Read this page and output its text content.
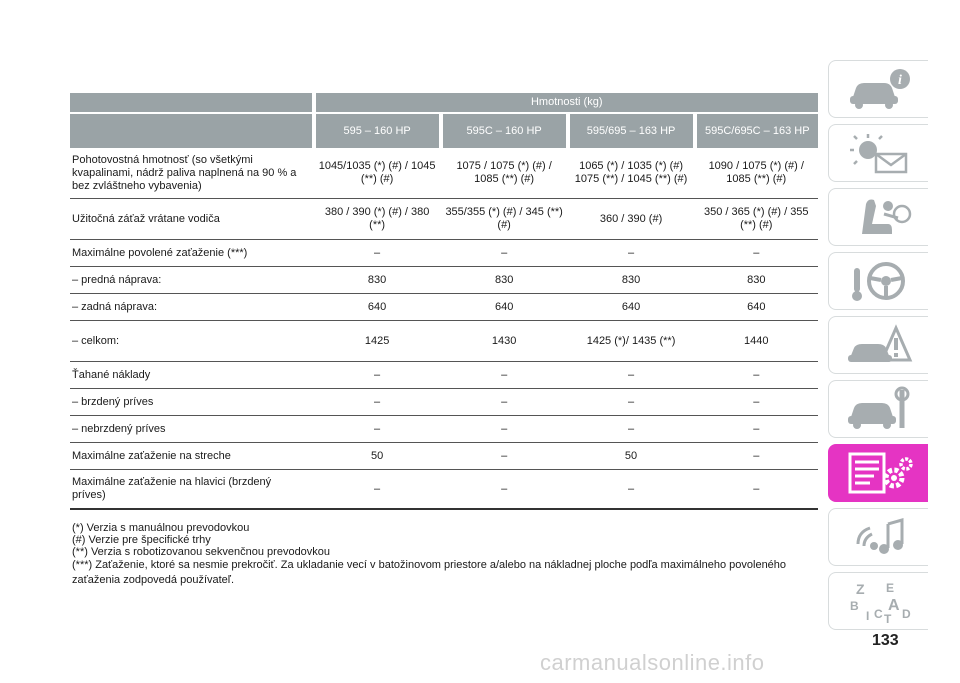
	Hmotnosti (kg)			

	595 – 160 HP	595C – 160 HP	595/695 – 163 HP	595C/695C – 163 HP

Pohotovostná hmotnosť (so všetkými kvapalinami, nádrž paliva naplnená na 90 % a bez zvláštneho vybavenia)	1045/1035 (*) (#) / 1045 (**) (#)	1075 / 1075 (*) (#) / 1085 (**) (#)	1065 (*) / 1035 (*) (#) 1075 (**) / 1045 (**) (#)	1090 / 1075 (*) (#) / 1085 (**) (#)
Užitočná záťaž vrátane vodiča	380 / 390 (*) (#) / 380 (**)	355/355 (*) (#) / 345 (**) (#)	360 / 390 (#)	350 / 365 (*) (#) / 355 (**) (#)
Maximálne povolené zaťaženie (***)	–	–	–	–
– predná náprava:	830	830	830	830
– zadná náprava:	640	640	640	640
– celkom:	1425	1430	1425 (*)/ 1435 (**)	1440
Ťahané náklady	–	–	–	–
– brzdený príves	–	–	–	–
– nebrzdený príves	–	–	–	–
Maximálne zaťaženie na streche	50	–	50	–
Maximálne zaťaženie na hlavici (brzdený príves)	–	–	–	–
(*) Verzia s manuálnou prevodovkou
(#) Verzie pre špecifické trhy
(**) Verzia s robotizovanou sekvenčnou prevodovkou
(***) Zaťaženie, ktoré sa nesmie prekročiť. Za ukladanie vecí v batožinovom priestore a/alebo na nákladnej ploche podľa maximálneho povoleného zaťaženia zodpovedá používateľ.
i
Z E
B A
I C T D
133
carmanualsonline.info
